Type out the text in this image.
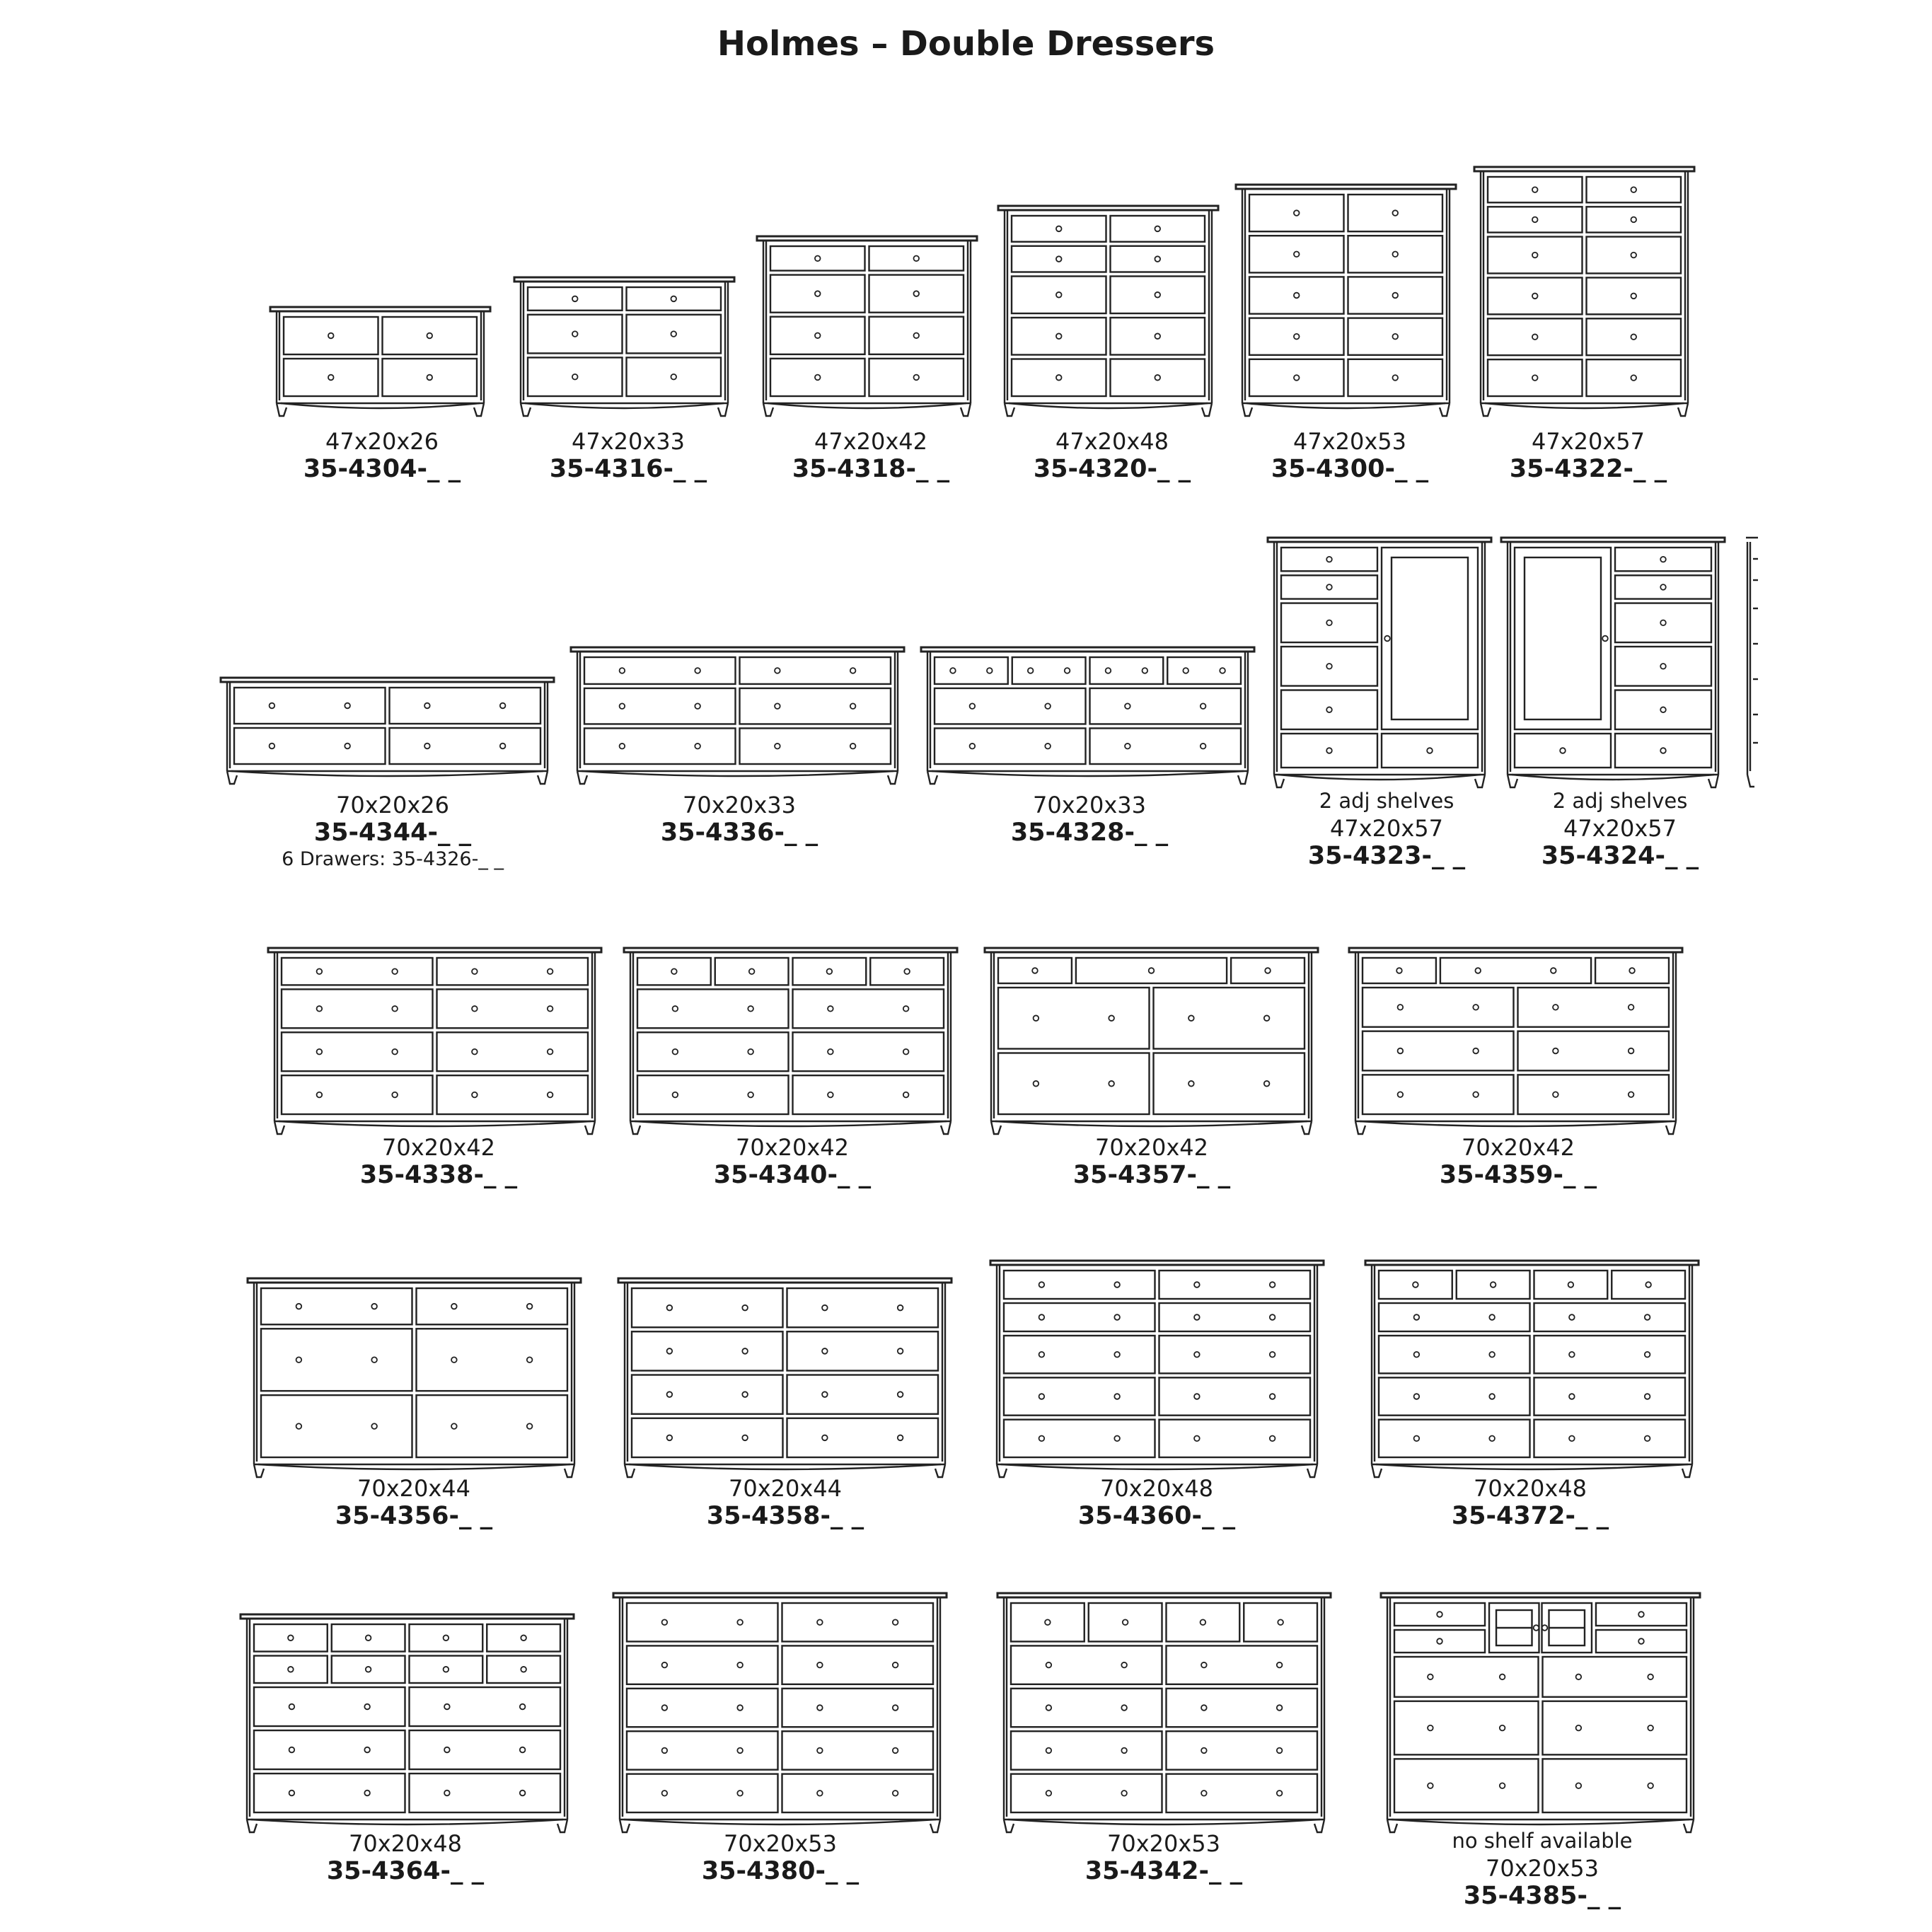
Holmes – Double Dressers
47x20x26
35-4304-_ _
47x20x33
35-4316-_ _
47x20x42
35-4318-_ _
47x20x48
35-4320-_ _
47x20x53
35-4300-_ _
47x20x57
35-4322-_ _
70x20x26
35-4344-_ _
6 Drawers: 35-4326-_ _
70x20x33
35-4336-_ _
70x20x33
35-4328-_ _
2 adj shelves
47x20x57
35-4323-_ _
2 adj shelves
47x20x57
35-4324-_ _
70x20x42
35-4338-_ _
70x20x42
35-4340-_ _
70x20x42
35-4357-_ _
70x20x42
35-4359-_ _
70x20x44
35-4356-_ _
70x20x44
35-4358-_ _
70x20x48
35-4360-_ _
70x20x48
35-4372-_ _
70x20x48
35-4364-_ _
70x20x53
35-4380-_ _
70x20x53
35-4342-_ _
no shelf available
70x20x53
35-4385-_ _
